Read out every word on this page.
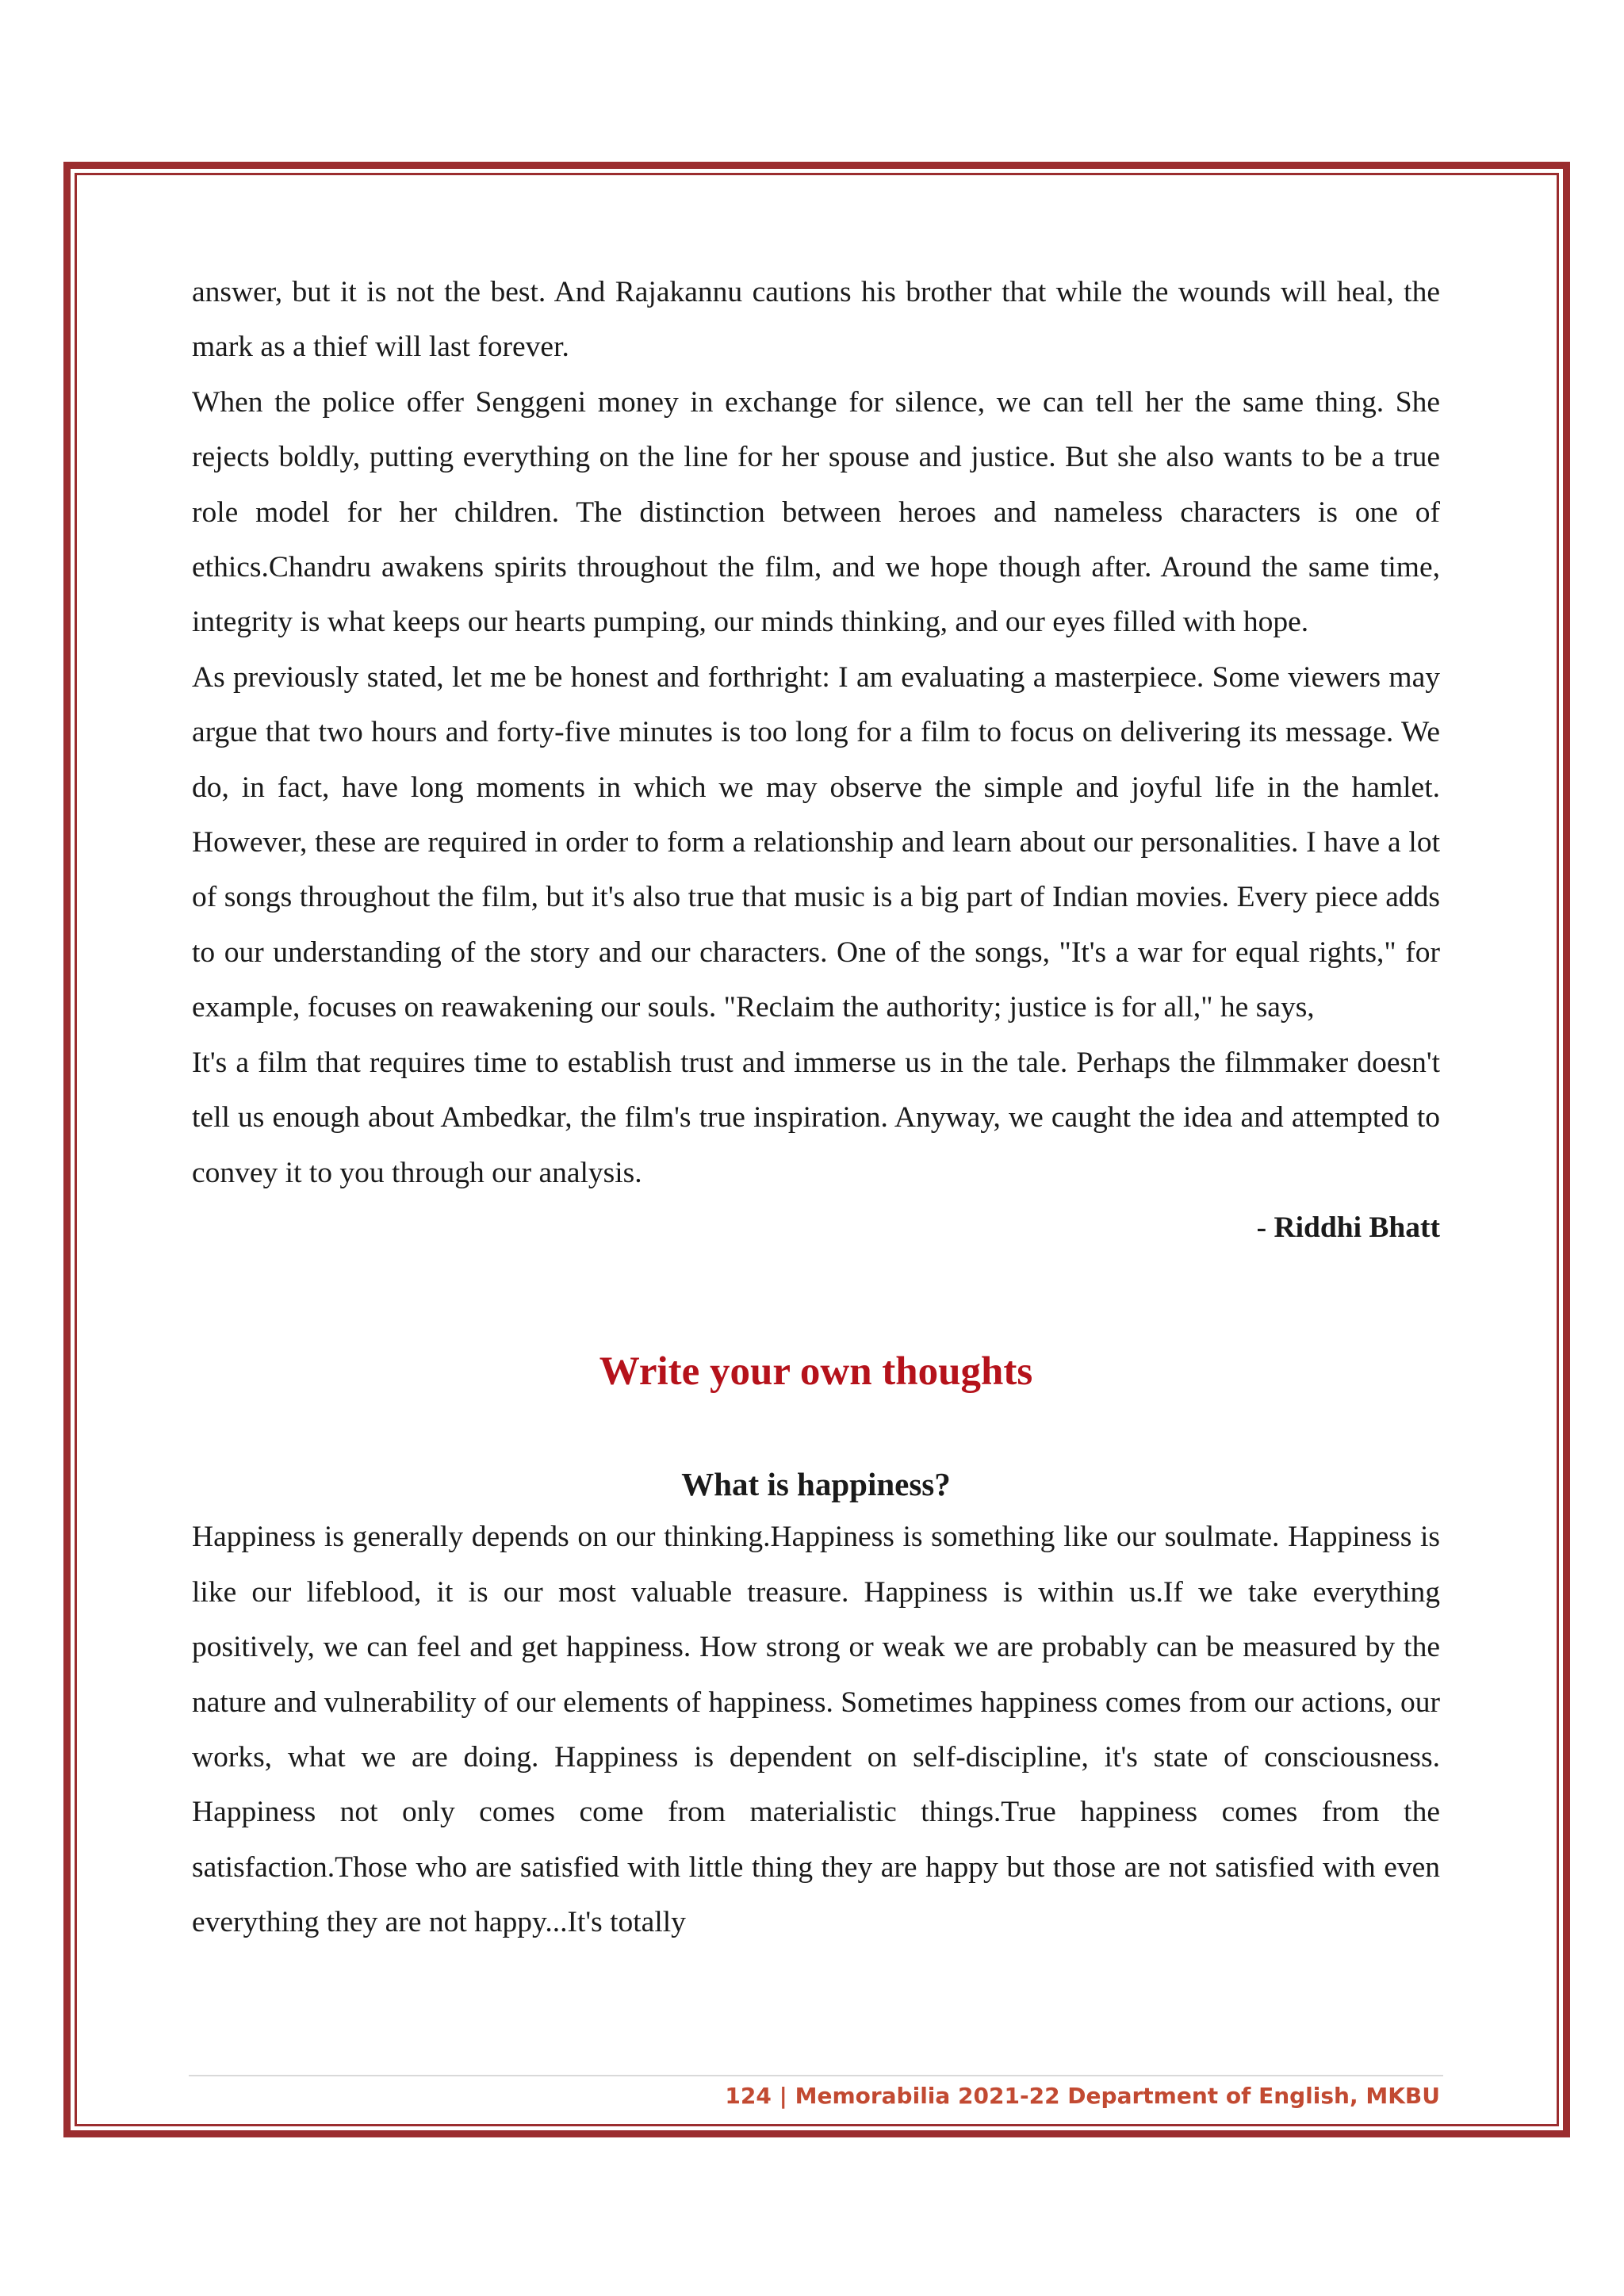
answer, but it is not the best. And Rajakannu cautions his brother that while the wounds will heal, the mark as a thief will last forever.

When the police offer Senggeni money in exchange for silence, we can tell her the same thing. She rejects boldly, putting everything on the line for her spouse and justice. But she also wants to be a true role model for her children. The distinction between heroes and nameless characters is one of ethics.Chandru awakens spirits throughout the film, and we hope though after. Around the same time, integrity is what keeps our hearts pumping, our minds thinking, and our eyes filled with hope.

As previously stated, let me be honest and forthright: I am evaluating a masterpiece. Some viewers may argue that two hours and forty-five minutes is too long for a film to focus on delivering its message. We do, in fact, have long moments in which we may observe the simple and joyful life in the hamlet. However, these are required in order to form a relationship and learn about our personalities. I have a lot of songs throughout the film, but it's also true that music is a big part of Indian movies. Every piece adds to our understanding of the story and our characters. One of the songs, "It's a war for equal rights," for example, focuses on reawakening our souls. "Reclaim the authority; justice is for all," he says,

It's a film that requires time to establish trust and immerse us in the tale. Perhaps the filmmaker doesn't tell us enough about Ambedkar, the film's true inspiration. Anyway, we caught the idea and attempted to convey it to you through our analysis.

- Riddhi Bhatt

Write your own thoughts
What is happiness?

Happiness is generally depends on our thinking.Happiness is something like our soulmate. Happiness is like our lifeblood, it is our most valuable treasure. Happiness is within us.If we take everything positively, we can feel and get happiness. How strong or weak we are probably can be measured by the nature and vulnerability of our elements of happiness. Sometimes happiness comes from our actions, our works, what we are doing. Happiness is dependent on self-discipline, it's state of consciousness. Happiness not only comes come from materialistic things.True happiness comes from the satisfaction.Those who are satisfied with little thing they are happy but those are not satisfied with even everything they are not happy...It's totally

124 | Memorabilia 2021-22 Department of English, MKBU
